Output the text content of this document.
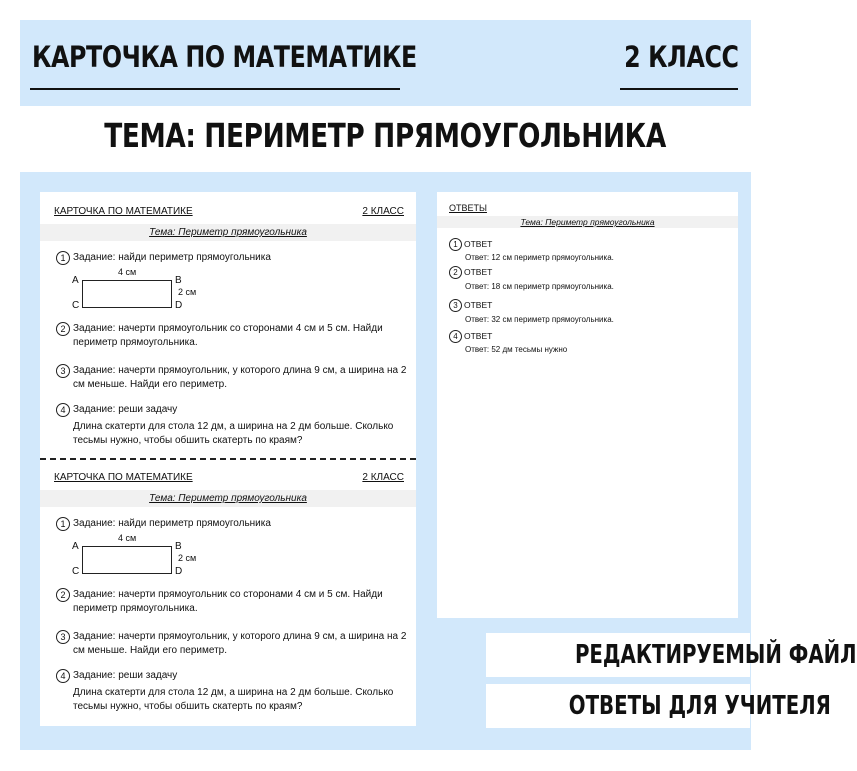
КАРТОЧКА ПО МАТЕМАТИКЕ	2 КЛАСС
ТЕМА: ПЕРИМЕТР ПРЯМОУГОЛЬНИКА
КАРТОЧКА ПО МАТЕМАТИКЕ	2 КЛАСС
Тема: Периметр прямоугольника
1 Задание: найди периметр прямоугольника
4 см
A	B
2 см
C	D
2 Задание: начерти прямоугольник со сторонами 4 см и 5 см. Найди
периметр прямоугольника.
3 Задание: начерти прямоугольник, у которого длина 9 см, а ширина на 2
см меньше. Найди его периметр.
4 Задание: реши задачу
Длина скатерти для стола 12 дм, а ширина на 2 дм больше. Сколько
тесьмы нужно, чтобы обшить скатерть по краям?
КАРТОЧКА ПО МАТЕМАТИКЕ	2 КЛАСС
Тема: Периметр прямоугольника
1 Задание: найди периметр прямоугольника
4 см
A	B
2 см
C	D
2 Задание: начерти прямоугольник со сторонами 4 см и 5 см. Найди
периметр прямоугольника.
3 Задание: начерти прямоугольник, у которого длина 9 см, а ширина на 2
см меньше. Найди его периметр.
4 Задание: реши задачу
Длина скатерти для стола 12 дм, а ширина на 2 дм больше. Сколько
тесьмы нужно, чтобы обшить скатерть по краям?
ОТВЕТЫ
Тема: Периметр прямоугольника
1 ОТВЕТ
Ответ: 12 см периметр прямоугольника.
2 ОТВЕТ
Ответ: 18 см периметр прямоугольника.
3 ОТВЕТ
Ответ: 32 см периметр прямоугольника.
4 ОТВЕТ
Ответ: 52 дм тесьмы нужно
РЕДАКТИРУЕМЫЙ ФАЙЛ
ОТВЕТЫ ДЛЯ УЧИТЕЛЯ
